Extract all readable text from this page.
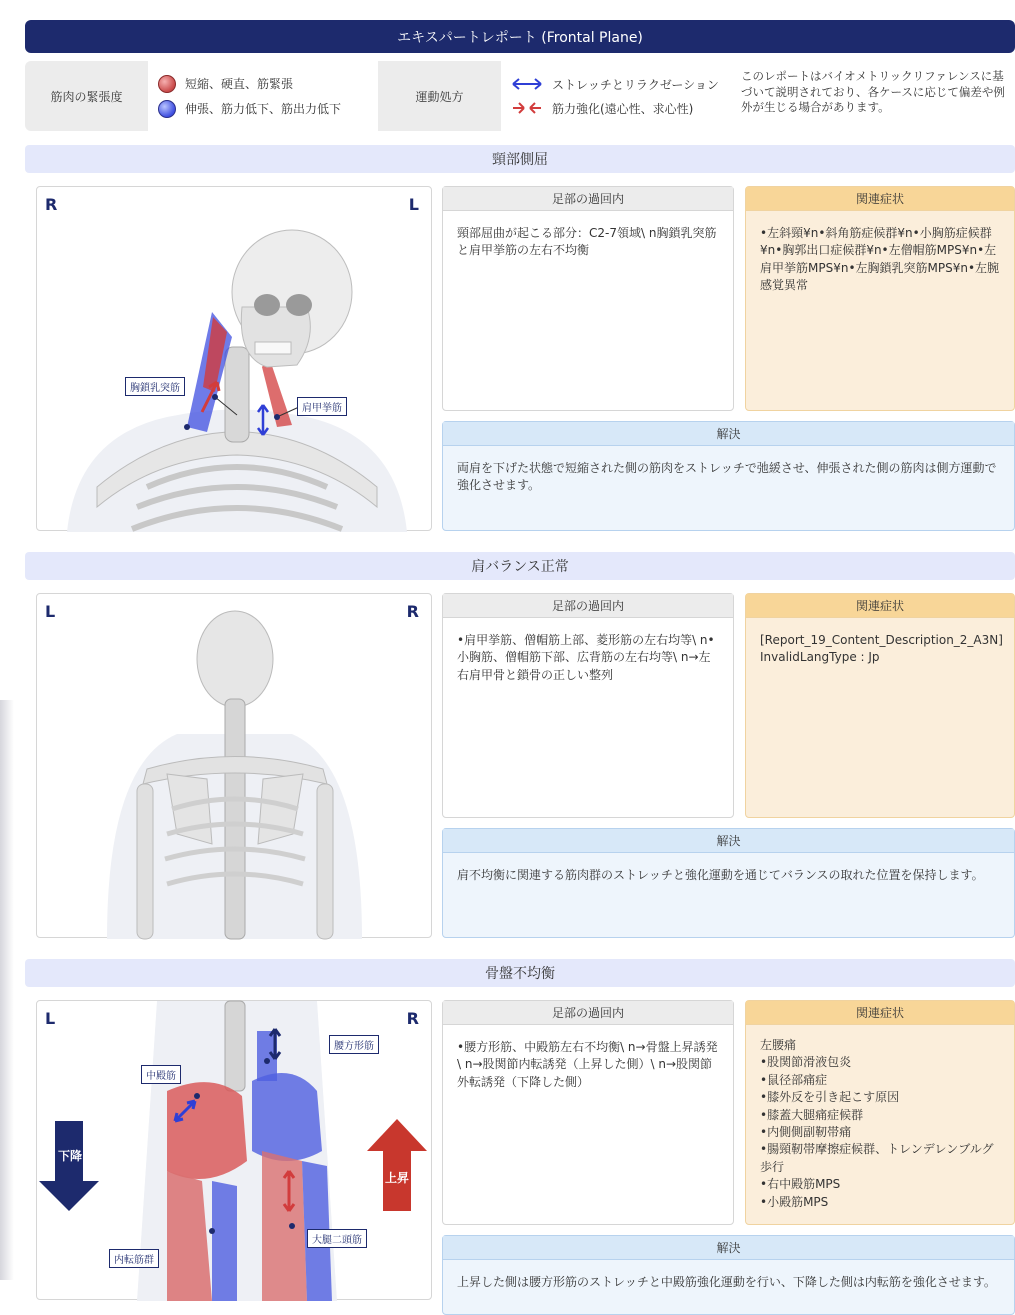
エキスパートレポート (Frontal Plane)
筋肉の緊張度
短縮、硬直、筋緊張
伸張、筋力低下、筋出力低下
運動処方
ストレッチとリラクゼーション
筋力強化(遠心性、求心性)
このレポートはバイオメトリックリファレンスに基づいて説明されており、各ケースに応じて偏差や例外が生じる場合があります。
頸部側屈
R	L
胸鎖乳突筋
肩甲挙筋
足部の過回内
頸部屈曲が起こる部分：C2-7領域\ n胸鎖乳突筋と肩甲挙筋の左右不均衡
関連症状
•左斜頸¥n•斜角筋症候群¥n•小胸筋症候群¥n•胸郭出口症候群¥n•左僧帽筋MPS¥n•左肩甲挙筋MPS¥n•左胸鎖乳突筋MPS¥n•左腕感覚異常
解決
両肩を下げた状態で短縮された側の筋肉をストレッチで弛緩させ、伸張された側の筋肉は側方運動で強化させます。
肩バランス正常
L	R	足部の過回内
•肩甲挙筋、僧帽筋上部、菱形筋の左右均等\ n•小胸筋、僧帽筋下部、広背筋の左右均等\ n→左右肩甲骨と鎖骨の正しい整列
関連症状
[Report_19_Content_Description_2_A3N]
InvalidLangType : Jp
解決
肩不均衡に関連する筋肉群のストレッチと強化運動を通じてバランスの取れた位置を保持します。
骨盤不均衡
L	R
腰方形筋
中殿筋
大腿二頭筋
内転筋群
下降
上昇
足部の過回内
•腰方形筋、中殿筋左右不均衡\ n→骨盤上昇誘発\ n→股関節内転誘発（上昇した側）\ n→股関節外転誘発（下降した側）
関連症状
左腰痛
•股関節滑液包炎
•鼠径部痛症
•膝外反を引き起こす原因
•膝蓋大腿痛症候群
•内側側副靭帯痛
•腸頸靭帯摩擦症候群、トレンデレンブルグ歩行
•右中殿筋MPS
•小殿筋MPS
解決
上昇した側は腰方形筋のストレッチと中殿筋強化運動を行い、下降した側は内転筋を強化させます。
